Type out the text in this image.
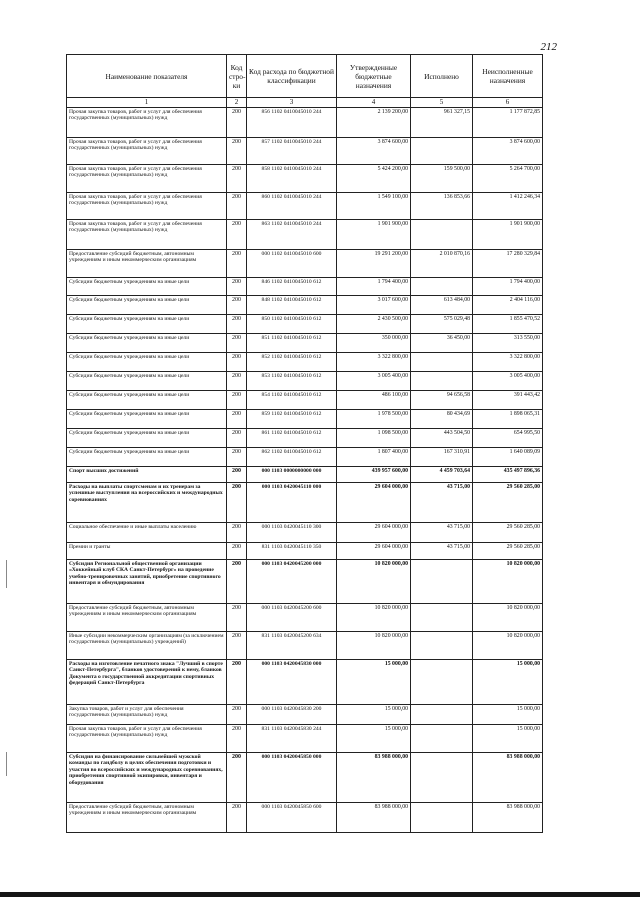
212
Наименование показателя	Код стро-ки	Код расхода по бюджетной классификации	Утвержденные бюджетные назначения	Исполнено	Неисполненные назначения
1	2	3	4	5	6
Прочая закупка товаров, работ и услуг для обеспечения государственных (муниципальных) нужд	200	856 1102 0410045010 244	2 139 200,00	961 327,15	1 177 872,85
Прочая закупка товаров, работ и услуг для обеспечения государственных (муниципальных) нужд	200	857 1102 0410045010 244	3 874 600,00		3 874 600,00
Прочая закупка товаров, работ и услуг для обеспечения государственных (муниципальных) нужд	200	858 1102 0410045010 244	5 424 200,00	159 500,00	5 264 700,00
Прочая закупка товаров, работ и услуг для обеспечения государственных (муниципальных) нужд	200	860 1102 0410045010 244	1 549 100,00	136 853,66	1 412 246,34
Прочая закупка товаров, работ и услуг для обеспечения государственных (муниципальных) нужд	200	863 1102 0410045010 244	1 901 900,00		1 901 900,00
Предоставление субсидий бюджетным, автономным учреждениям и иным некоммерческим организациям	200	000 1102 0410045010 600	19 291 200,00	2 010 870,16	17 280 329,84
Субсидии бюджетным учреждениям на иные цели	200	846 1102 0410045010 612	1 794 400,00		1 794 400,00
Субсидии бюджетным учреждениям на иные цели	200	848 1102 0410045010 612	3 017 600,00	613 484,00	2 404 116,00
Субсидии бюджетным учреждениям на иные цели	200	850 1102 0410045010 612	2 430 500,00	575 029,48	1 855 470,52
Субсидии бюджетным учреждениям на иные цели	200	851 1102 0410045010 612	350 000,00	36 450,00	313 550,00
Субсидии бюджетным учреждениям на иные цели	200	852 1102 0410045010 612	3 322 800,00		3 322 800,00
Субсидии бюджетным учреждениям на иные цели	200	853 1102 0410045010 612	3 005 400,00		3 005 400,00
Субсидии бюджетным учреждениям на иные цели	200	854 1102 0410045010 612	486 100,00	94 656,58	391 443,42
Субсидии бюджетным учреждениям на иные цели	200	859 1102 0410045010 612	1 978 500,00	80 434,69	1 898 065,31
Субсидии бюджетным учреждениям на иные цели	200	861 1102 0410045010 612	1 098 500,00	443 504,50	654 995,50
Субсидии бюджетным учреждениям на иные цели	200	862 1102 0410045010 612	1 807 400,00	167 310,91	1 640 089,09
Спорт высших достижений	200	000 1103 0000000000 000	439 957 600,00	4 459 703,64	435 497 896,36
Расходы на выплаты спортсменам и их тренерам за успешные выступления на всероссийских и международных соревнованиях	200	000 1103 0420045110 000	29 604 000,00	43 715,00	29 560 285,00
Социальное обеспечение и иные выплаты населению	200	000 1103 0420045110 300	29 604 000,00	43 715,00	29 560 285,00
Премии и гранты	200	831 1103 0420045110 350	29 604 000,00	43 715,00	29 560 285,00
Субсидия Региональной общественной организации «Хоккейный клуб СКА Санкт-Петербург» на проведение учебно-тренировочных занятий, приобретение спортивного инвентаря и обмундирования	200	000 1103 0420045200 000	10 820 000,00		10 820 000,00
Предоставление субсидий бюджетным, автономным учреждениям и иным некоммерческим организациям	200	000 1103 0420045200 600	10 820 000,00		10 820 000,00
Иные субсидии некоммерческим организациям (за исключением государственных (муниципальных) учреждений)	200	831 1103 0420045200 634	10 820 000,00		10 820 000,00
Расходы на изготовление печатного знака "Лучший в спорте Санкт-Петербурга", бланков удостоверений к нему, бланков Документа о государственной аккредитации спортивных федераций Санкт-Петербурга	200	000 1103 0420045830 000	15 000,00		15 000,00
Закупка товаров, работ и услуг для обеспечения государственных (муниципальных) нужд	200	000 1103 0420045830 200	15 000,00		15 000,00
Прочая закупка товаров, работ и услуг для обеспечения государственных (муниципальных) нужд	200	831 1103 0420045830 244	15 000,00		15 000,00
Субсидия на финансирование сильнейшей мужской команды по гандболу в целях обеспечения подготовки и участия во всероссийских и международных соревнованиях, приобретения спортивной экипировки, инвентаря и оборудования	200	000 1103 0420045850 000	83 988 000,00		83 988 000,00
Предоставление субсидий бюджетным, автономным учреждениям и иным некоммерческим организациям	200	000 1103 0420045850 600	83 988 000,00		83 988 000,00
